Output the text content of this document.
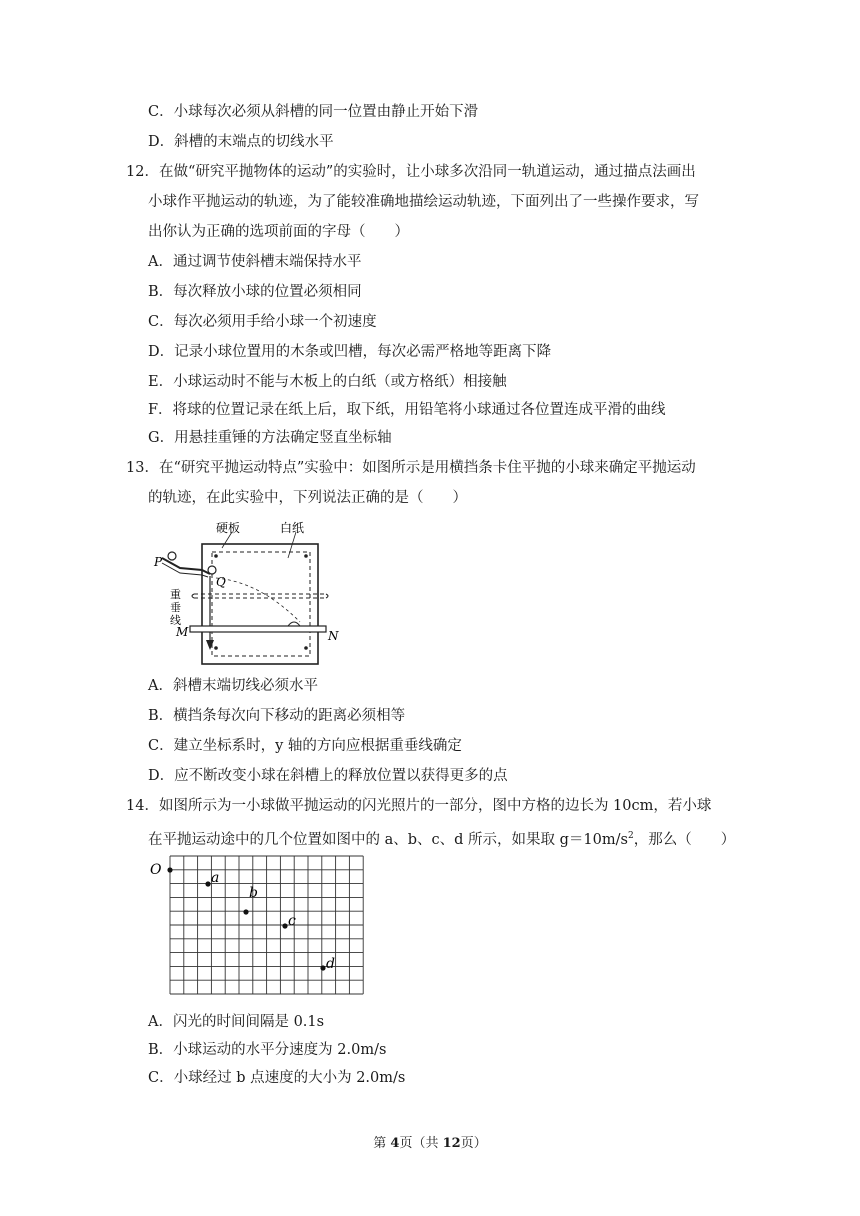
C．小球每次必须从斜槽的同一位置由静止开始下滑
D．斜槽的末端点的切线水平
12．在做“研究平抛物体的运动”的实验时，让小球多次沿同一轨道运动，通过描点法画出
小球作平抛运动的轨迹，为了能较准确地描绘运动轨迹，下面列出了一些操作要求，写
出你认为正确的选项前面的字母（　　）
A．通过调节使斜槽末端保持水平
B．每次释放小球的位置必须相同
C．每次必须用手给小球一个初速度
D．记录小球位置用的木条或凹槽，每次必需严格地等距离下降
E．小球运动时不能与木板上的白纸（或方格纸）相接触
F．将球的位置记录在纸上后，取下纸，用铅笔将小球通过各位置连成平滑的曲线
G．用悬挂重锤的方法确定竖直坐标轴
13．在“研究平抛运动特点”实验中：如图所示是用横挡条卡住平抛的小球来确定平抛运动
的轨迹，在此实验中，下列说法正确的是（　　）
硬板	白纸
P
Q
重
垂
线
M	N
A．斜槽末端切线必须水平
B．横挡条每次向下移动的距离必须相等
C．建立坐标系时，y 轴的方向应根据重垂线确定
D．应不断改变小球在斜槽上的释放位置以获得更多的点
14．如图所示为一小球做平抛运动的闪光照片的一部分，图中方格的边长为 10cm，若小球
在平抛运动途中的几个位置如图中的 a、b、c、d 所示，如果取 $g=10m/s^2$，那么（　　）
O	a
b
c
d
A．闪光的时间间隔是 0.1s
B．小球运动的水平分速度为 2.0m/s
C．小球经过 b 点速度的大小为 2.0m/s
第 4页（共 12页）
